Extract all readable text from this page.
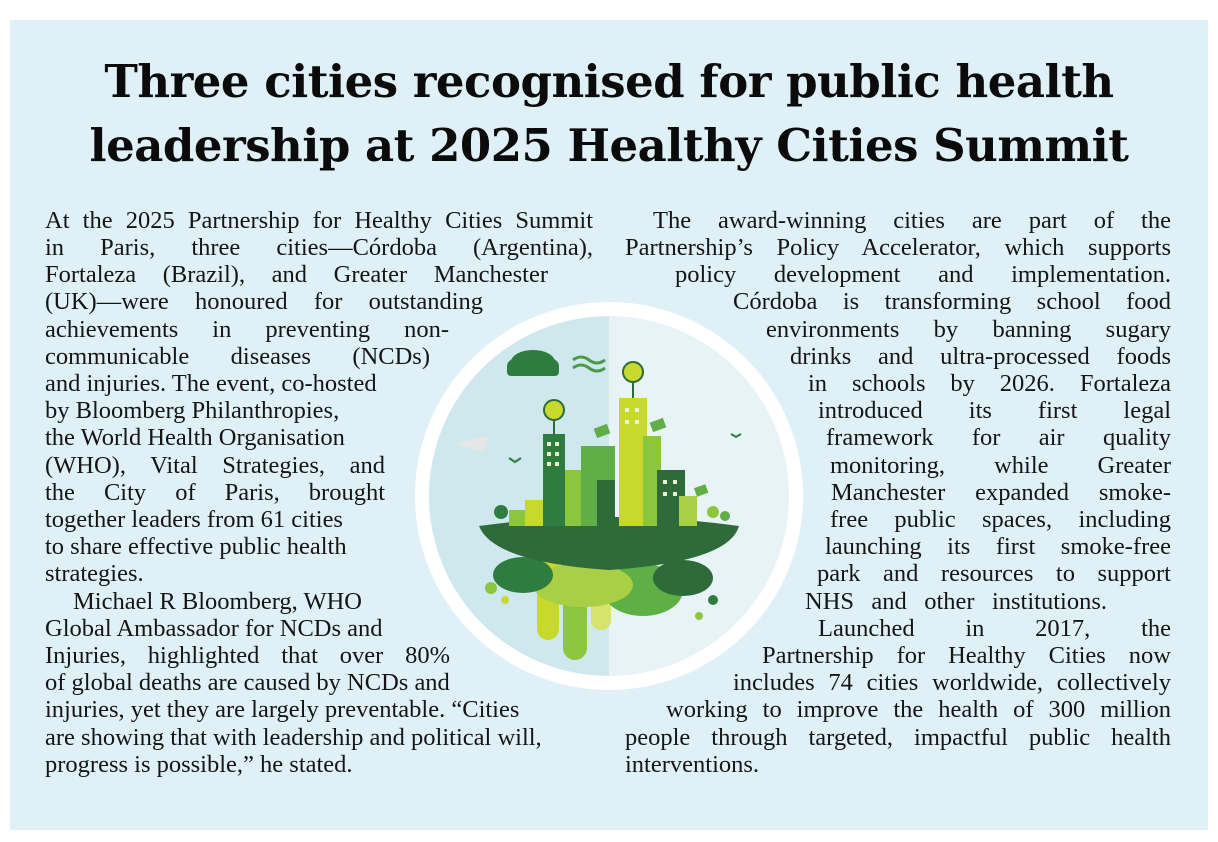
Three cities recognised for public health leadership at 2025 Healthy Cities Summit

At the 2025 Partnership for Healthy Cities Summit

in Paris, three cities—Córdoba (Argentina),

Fortaleza (Brazil), and Greater Manchester

(UK)—were honoured for outstanding

achievements in preventing non-

communicable diseases (NCDs)

and injuries. The event, co-hosted

by Bloomberg Philanthropies,

the World Health Organisation

(WHO), Vital Strategies, and

the City of Paris, brought

together leaders from 61 cities

to share effective public health

strategies.

Michael R Bloomberg, WHO

Global Ambassador for NCDs and

Injuries, highlighted that over 80%

of global deaths are caused by NCDs and

injuries, yet they are largely preventable. “Cities

are showing that with leadership and political will,

progress is possible,” he stated.

The award-winning cities are part of the

Partnership’s Policy Accelerator, which supports

policy development and implementation.

Córdoba is transforming school food

environments by banning sugary

drinks and ultra-processed foods

in schools by 2026. Fortaleza

introduced its first legal

framework for air quality

monitoring, while Greater

Manchester expanded smoke-

free public spaces, including

launching its first smoke-free

park and resources to support

NHS and other institutions.

Launched in 2017, the

Partnership for Healthy Cities now

includes 74 cities worldwide, collectively

working to improve the health of 300 million

people through targeted, impactful public health

interventions.
